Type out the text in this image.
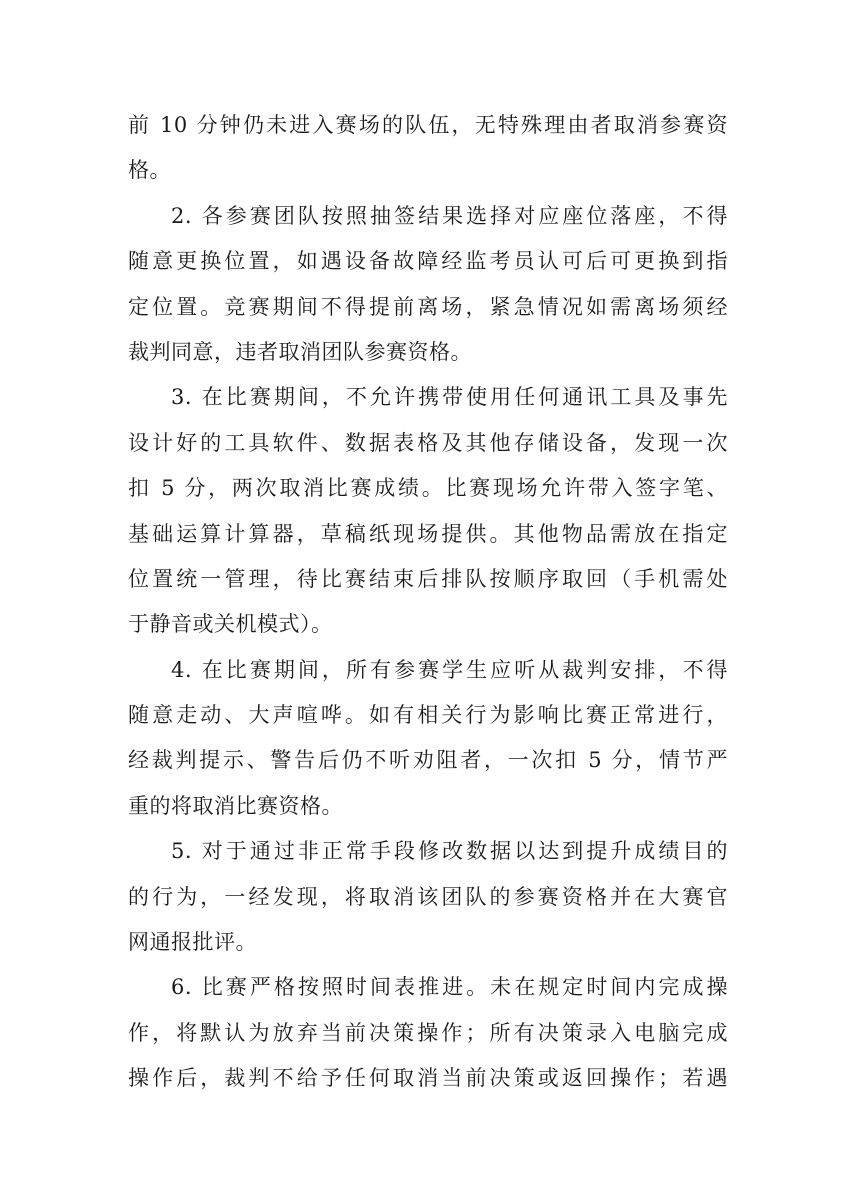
前 10 分钟仍未进入赛场的队伍，无特殊理由者取消参赛资
格。
2. 各参赛团队按照抽签结果选择对应座位落座，不得
随意更换位置，如遇设备故障经监考员认可后可更换到指
定位置。竞赛期间不得提前离场，紧急情况如需离场须经
裁判同意，违者取消团队参赛资格。
3. 在比赛期间，不允许携带使用任何通讯工具及事先
设计好的工具软件、数据表格及其他存储设备，发现一次
扣 5 分，两次取消比赛成绩。比赛现场允许带入签字笔、
基础运算计算器，草稿纸现场提供。其他物品需放在指定
位置统一管理，待比赛结束后排队按顺序取回（手机需处
于静音或关机模式）。
4. 在比赛期间，所有参赛学生应听从裁判安排，不得
随意走动、大声喧哗。如有相关行为影响比赛正常进行，
经裁判提示、警告后仍不听劝阻者，一次扣 5 分，情节严
重的将取消比赛资格。
5. 对于通过非正常手段修改数据以达到提升成绩目的
的行为，一经发现，将取消该团队的参赛资格并在大赛官
网通报批评。
6. 比赛严格按照时间表推进。未在规定时间内完成操
作，将默认为放弃当前决策操作；所有决策录入电脑完成
操作后，裁判不给予任何取消当前决策或返回操作；若遇
